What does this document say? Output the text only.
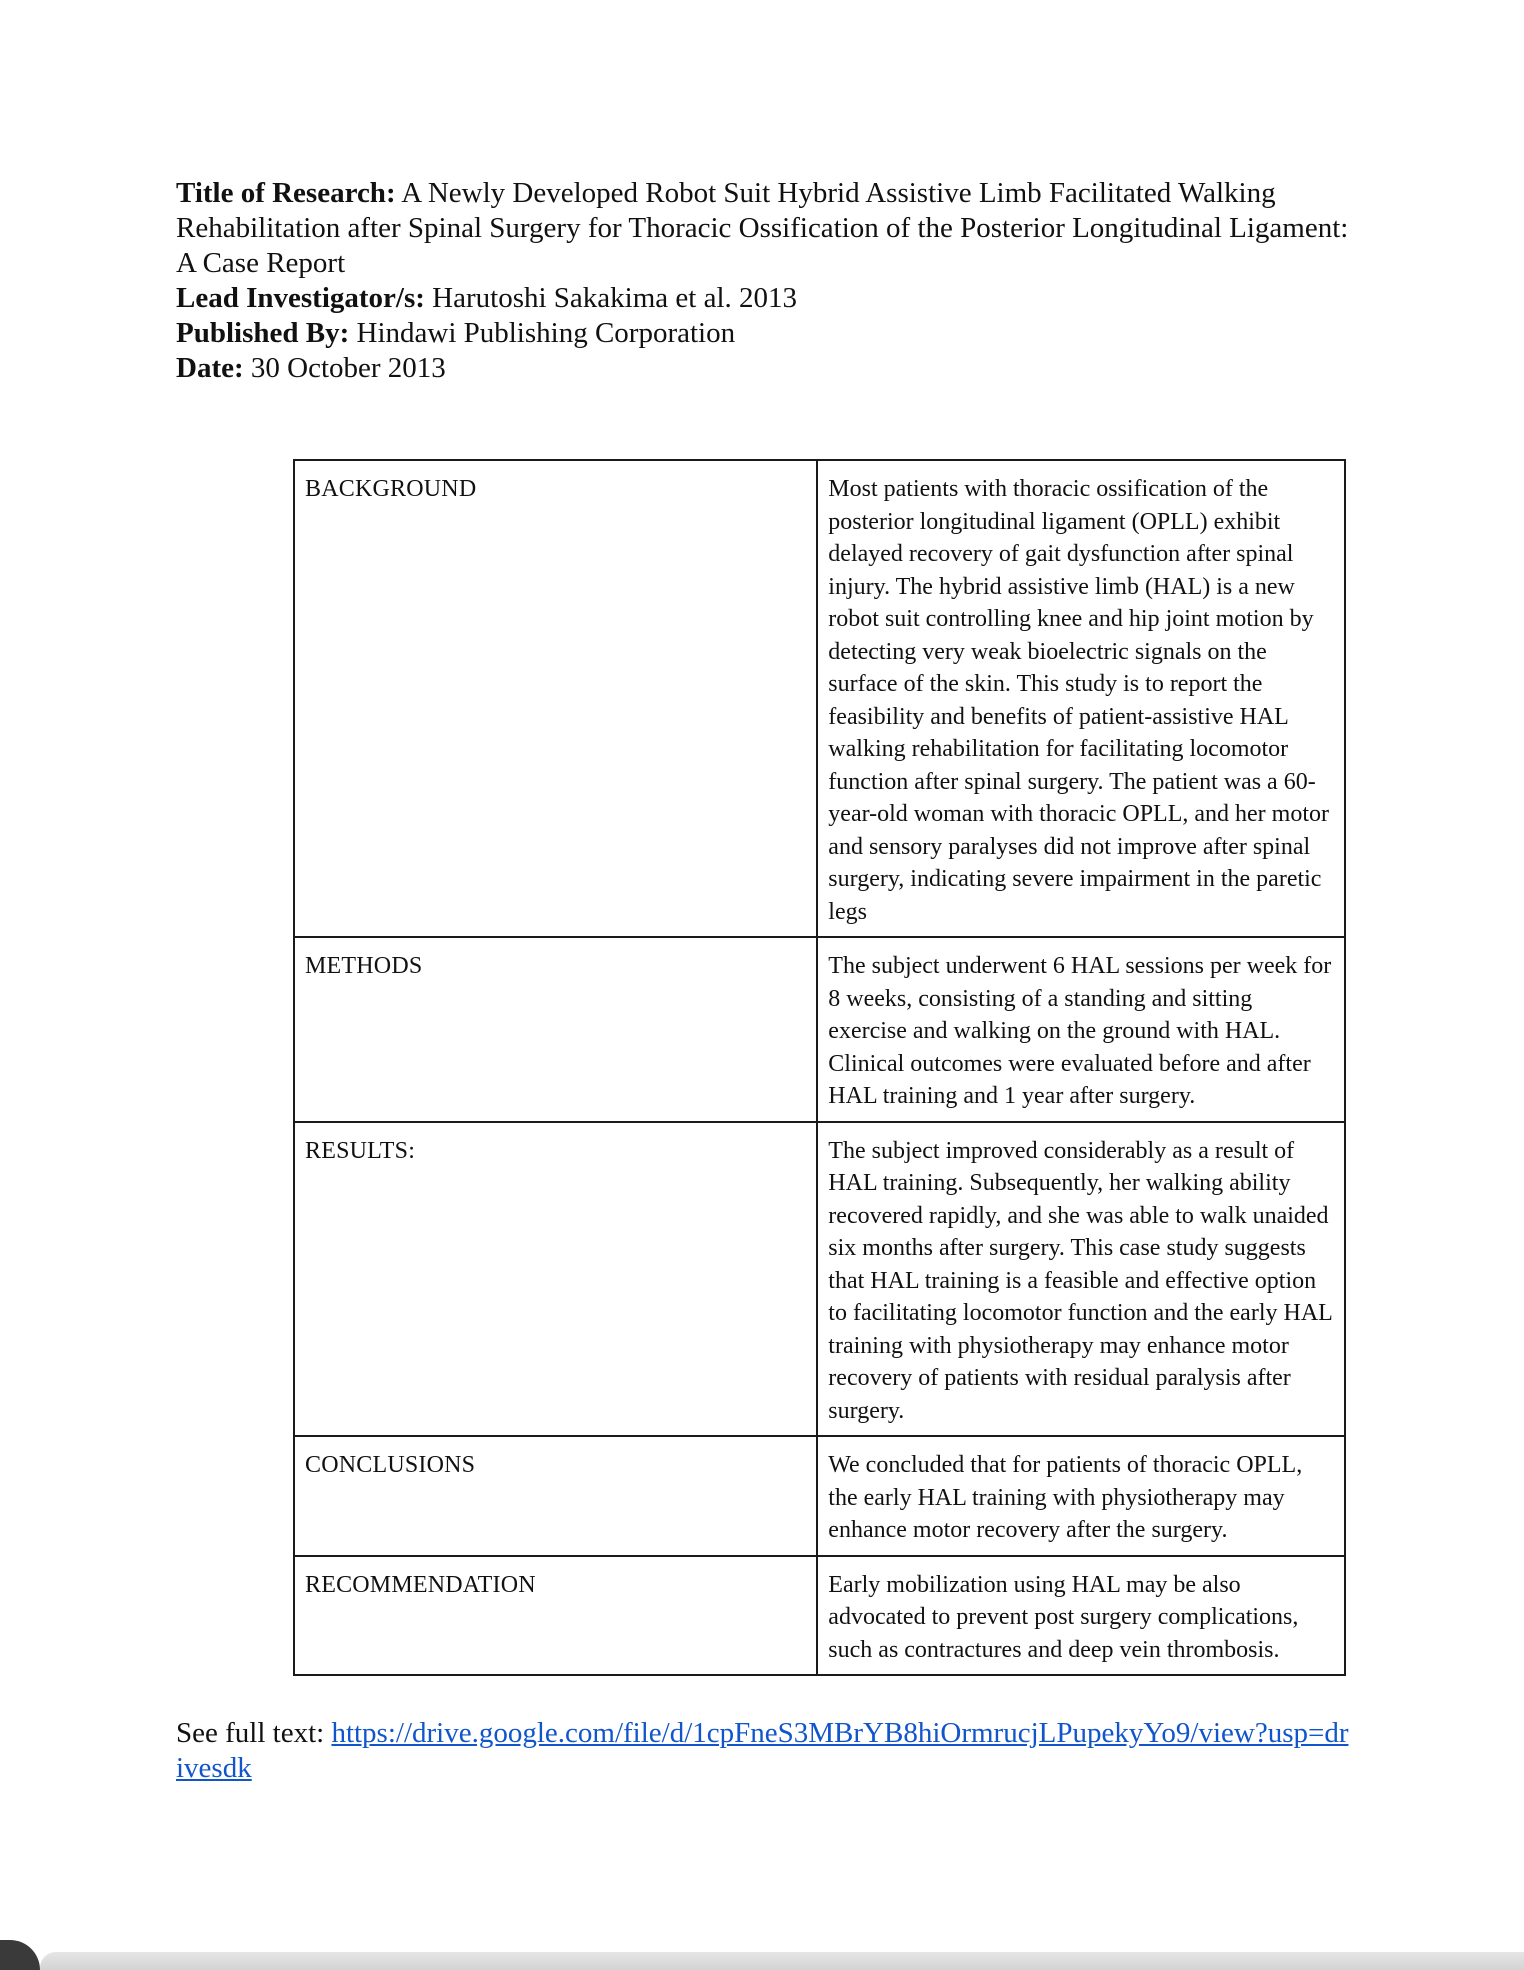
Title of Research: A Newly Developed Robot Suit Hybrid Assistive Limb Facilitated Walking Rehabilitation after Spinal Surgery for Thoracic Ossification of the Posterior Longitudinal Ligament: A Case Report
Lead Investigator/s: Harutoshi Sakakima et al. 2013
Published By: Hindawi Publishing Corporation
Date: 30 October 2013
BACKGROUND	Most patients with thoracic ossification of the posterior longitudinal ligament (OPLL) exhibit delayed recovery of gait dysfunction after spinal injury. The hybrid assistive limb (HAL) is a new robot suit controlling knee and hip joint motion by detecting very weak bioelectric signals on the surface of the skin. This study is to report the feasibility and benefits of patient-assistive HAL walking rehabilitation for facilitating locomotor function after spinal surgery. The patient was a 60-year-old woman with thoracic OPLL, and her motor and sensory paralyses did not improve after spinal surgery, indicating severe impairment in the paretic legs
METHODS	The subject underwent 6 HAL sessions per week for 8 weeks, consisting of a standing and sitting exercise and walking on the ground with HAL. Clinical outcomes were evaluated before and after HAL training and 1 year after surgery.
RESULTS:	The subject improved considerably as a result of HAL training. Subsequently, her walking ability recovered rapidly, and she was able to walk unaided six months after surgery. This case study suggests that HAL training is a feasible and effective option to facilitating locomotor function and the early HAL training with physiotherapy may enhance motor recovery of patients with residual paralysis after surgery.
CONCLUSIONS	We concluded that for patients of thoracic OPLL, the early HAL training with physiotherapy may enhance motor recovery after the surgery.
RECOMMENDATION	Early mobilization using HAL may be also advocated to prevent post surgery complications, such as contractures and deep vein thrombosis.
See full text: https://drive.google.com/file/d/1cpFneS3MBrYB8hiOrmrucjLPupekyYo9/view?usp=drivesdk
